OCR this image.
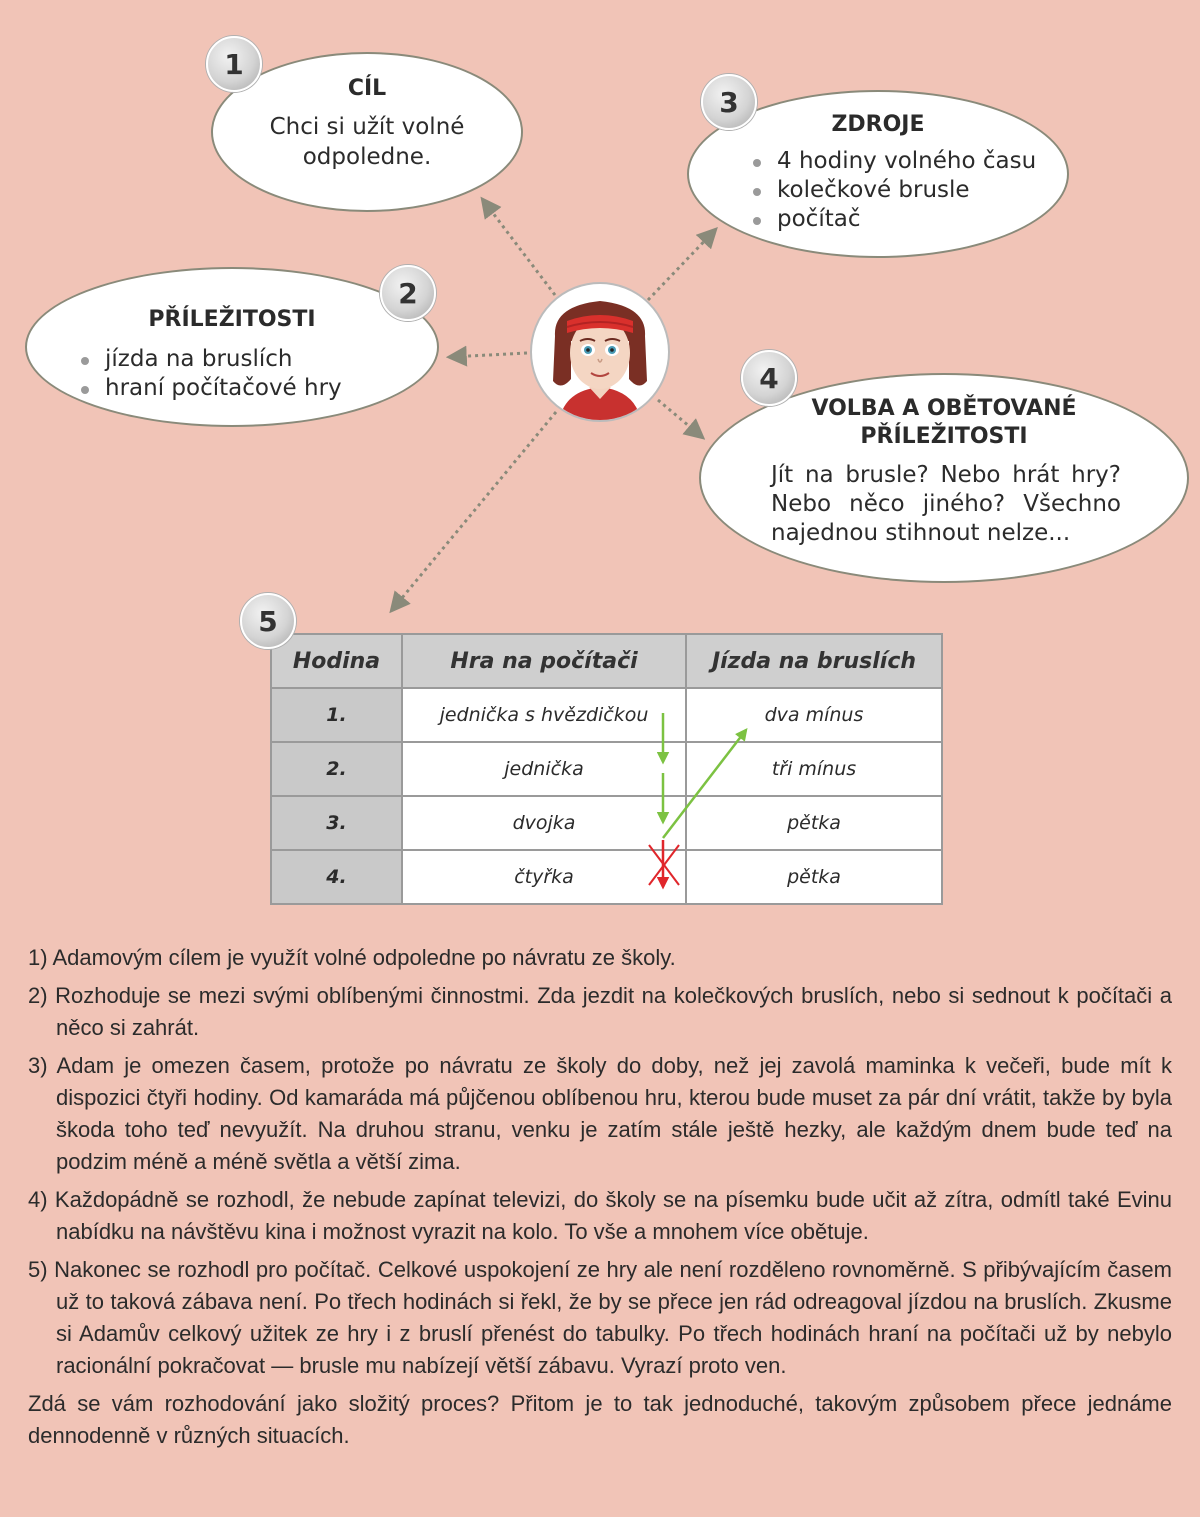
CÍL
Chci si užít volné
odpoledne.
1
PŘÍLEŽITOSTI
jízda na bruslích
hraní počítačové hry
2
ZDROJE
4 hodiny volného času
kolečkové brusle
počítač
3
VOLBA A OBĚTOVANÉ
PŘÍLEŽITOSTI
Jít na brusle? Nebo hrát hry?
Nebo něco jiného? Všechno
najednou stihnout nelze...
4
Hodina	Hra na počítači	Jízda na bruslích
1.	jednička s hvězdičkou	dva mínus
2.	jednička	tři mínus
3.	dvojka	pětka
4.	čtyřka	pětka
5

1) Adamovým cílem je využít volné odpoledne po návratu ze školy.

2) Rozhoduje se mezi svými oblíbenými činnostmi. Zda jezdit na kolečkových bruslích, nebo si sednout k počítači a něco si zahrát.

3) Adam je omezen časem, protože po návratu ze školy do doby, než jej zavolá maminka k večeři, bude mít k dispozici čtyři hodiny. Od kamaráda má půjčenou oblíbenou hru, kterou bude muset za pár dní vrátit, takže by byla škoda toho teď nevyužít. Na druhou stranu, venku je zatím stále ještě hezky, ale každým dnem bude teď na podzim méně a méně světla a větší zima.

4) Každopádně se rozhodl, že nebude zapínat televizi, do školy se na písemku bude učit až zítra, odmítl také Evinu nabídku na návštěvu kina i možnost vyrazit na kolo. To vše a mnohem více obětuje.

5) Nakonec se rozhodl pro počítač. Celkové uspokojení ze hry ale není rozděleno rovnoměrně. S přibývajícím časem už to taková zábava není. Po třech hodinách si řekl, že by se přece jen rád odreagoval jízdou na bruslích. Zkusme si Adamův celkový užitek ze hry i z bruslí přenést do tabulky. Po třech hodinách hraní na počítači už by nebylo racionální pokračovat — brusle mu nabízejí větší zábavu. Vyrazí proto ven.

Zdá se vám rozhodování jako složitý proces? Přitom je to tak jednoduché, takovým způsobem přece jednáme dennodenně v různých situacích.
